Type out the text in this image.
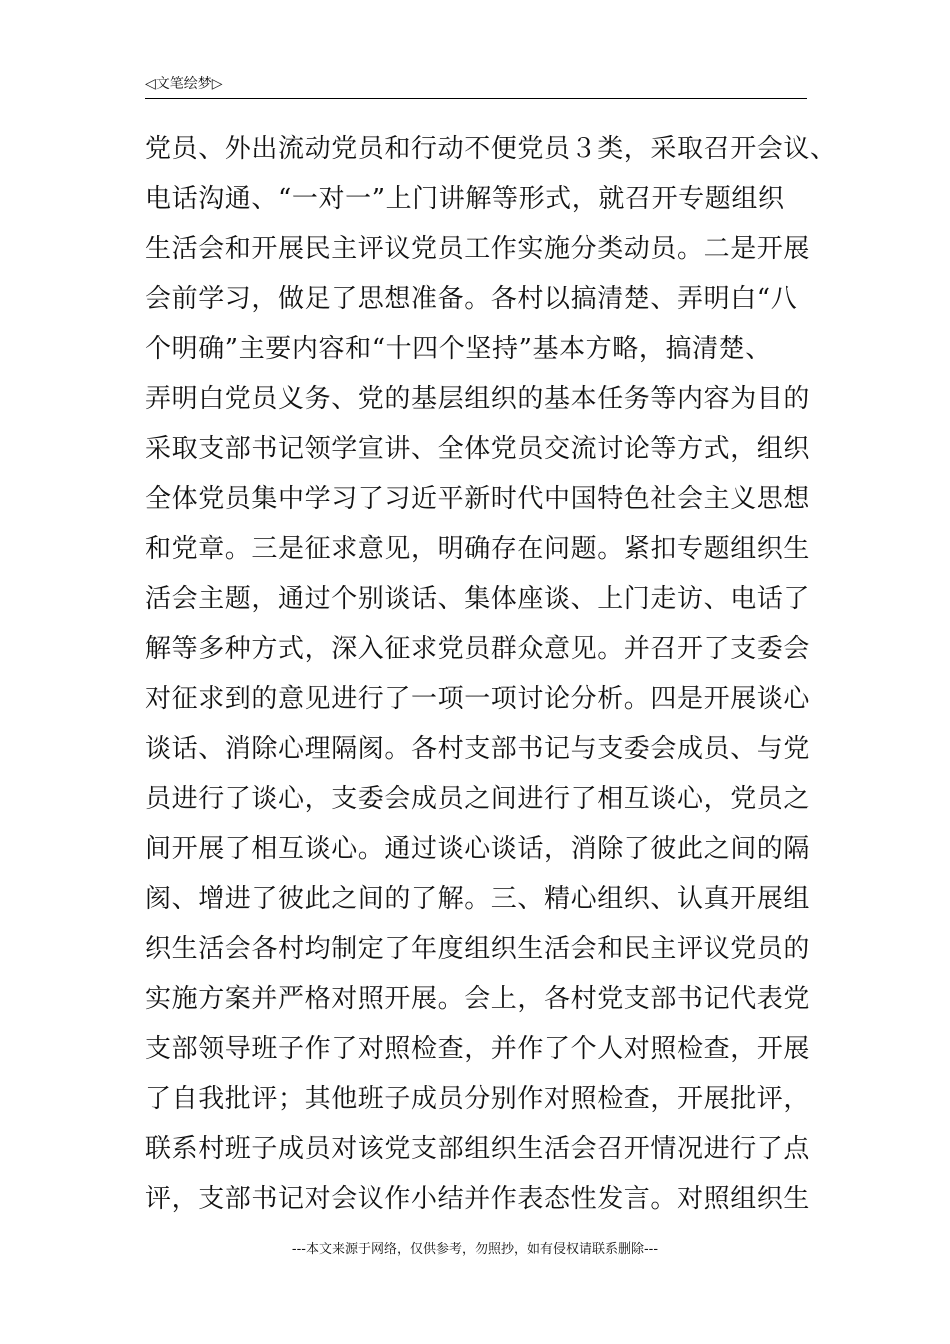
◁文笔绘梦▷
党员、外出流动党员和行动不便党员３类，采取召开会议、
电话沟通、“一对一”上门讲解等形式，就召开专题组织
生活会和开展民主评议党员工作实施分类动员。二是开展
会前学习，做足了思想准备。各村以搞清楚、弄明白“八
个明确”主要内容和“十四个坚持”基本方略，搞清楚、
弄明白党员义务、党的基层组织的基本任务等内容为目的
采取支部书记领学宣讲、全体党员交流讨论等方式，组织
全体党员集中学习了习近平新时代中国特色社会主义思想
和党章。三是征求意见，明确存在问题。紧扣专题组织生
活会主题，通过个别谈话、集体座谈、上门走访、电话了
解等多种方式，深入征求党员群众意见。并召开了支委会
对征求到的意见进行了一项一项讨论分析。四是开展谈心
谈话、消除心理隔阂。各村支部书记与支委会成员、与党
员进行了谈心，支委会成员之间进行了相互谈心，党员之
间开展了相互谈心。通过谈心谈话，消除了彼此之间的隔
阂、增进了彼此之间的了解。三、精心组织、认真开展组
织生活会各村均制定了年度组织生活会和民主评议党员的
实施方案并严格对照开展。会上，各村党支部书记代表党
支部领导班子作了对照检查，并作了个人对照检查，开展
了自我批评；其他班子成员分别作对照检查，开展批评，
联系村班子成员对该党支部组织生活会召开情况进行了点
评，支部书记对会议作小结并作表态性发言。对照组织生
---本文来源于网络，仅供参考，勿照抄，如有侵权请联系删除---
